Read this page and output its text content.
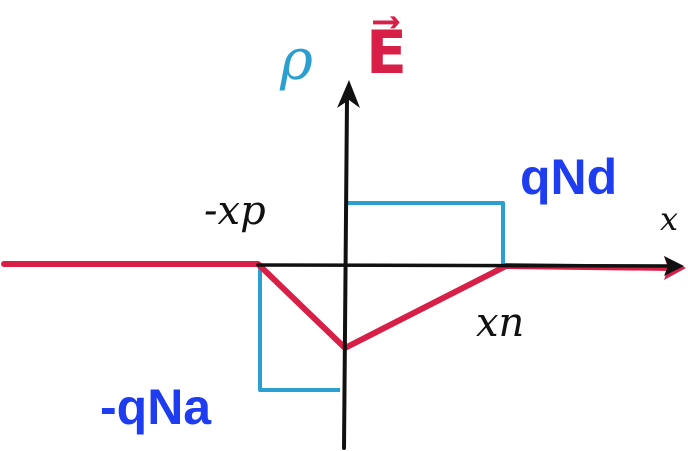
ρ E⃗
qNd
-qNa
-xp
xn
x
